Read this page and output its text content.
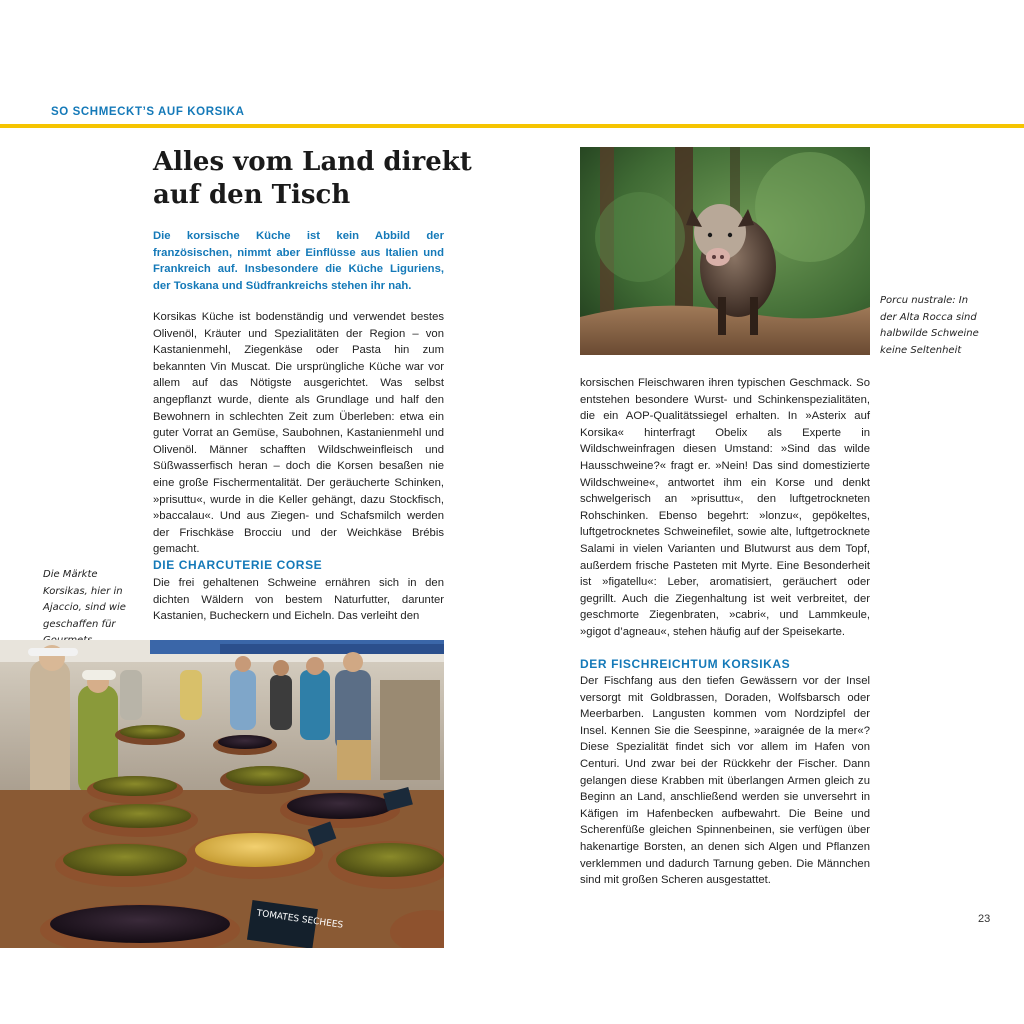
SO SCHMECKT’S AUF KORSIKA
Alles vom Land direkt auf den Tisch

Die korsische Küche ist kein Abbild der französischen, nimmt aber Einflüsse aus Italien und Frankreich auf. Insbesondere die Küche Liguriens, der Toskana und Südfrankreichs stehen ihr nah.

Korsikas Küche ist bodenständig und verwendet bestes Olivenöl, Kräuter und Spezialitäten der Region – von Kastanienmehl, Ziegenkäse oder Pasta hin zum bekannten Vin Muscat. Die ursprüngliche Küche war vor allem auf das Nötigste ausgerichtet. Was selbst angepflanzt wurde, diente als Grundlage und half den Bewohnern in schlechten Zeit zum Überleben: etwa ein guter Vorrat an Gemüse, Saubohnen, Kastanienmehl und Olivenöl. Männer schafften Wildschweinfleisch und Süßwasserfisch heran – doch die Korsen besaßen nie eine große Fischermentalität. Der geräucherte Schinken, »prisuttu«, wurde in die Keller gehängt, dazu Stockfisch, »baccalau«. Und aus Ziegen- und Schafsmilch werden der Frischkäse Brocciu und der Weichkäse Brébis gemacht.

DIE CHARCUTERIE CORSE

Die frei gehaltenen Schweine ernähren sich in den dichten Wäldern von bestem Naturfutter, darunter Kastanien, Bucheckern und Eicheln. Das verleiht den

Die Märkte Korsikas, hier in Ajaccio, sind wie geschaffen für

TOMATES SECHEES

Porcu nustrale: In der Alta Rocca sind halbwilde Schweine keine Seltenheit

korsischen Fleischwaren ihren typischen Geschmack. So entstehen besondere Wurst- und Schinkenspezialitäten, die ein AOP-Qualitätssiegel erhalten. In »Asterix auf Korsika« hinterfragt Obelix als Experte in Wildschweinfragen diesen Umstand: »Sind das wilde Hausschweine?« fragt er. »Nein! Das sind domestizierte Wildschweine«, antwortet ihm ein Korse und denkt schwelgerisch an »prisuttu«, den luftgetrockneten Rohschinken. Ebenso begehrt: »lonzu«, gepökeltes, luftgetrocknetes Schweinefilet, sowie alte, luftgetrocknete Salami in vielen Varianten und Blutwurst aus dem Topf, außerdem frische Pasteten mit Myrte. Eine Besonderheit ist »figatellu«: Leber, aromatisiert, geräuchert oder gegrillt. Auch die Ziegenhaltung ist weit verbreitet, der geschmorte Ziegenbraten, »cabri«, und Lammkeule, »gigot d’agneau«, stehen häufig auf der Speisekarte.

DER FISCHREICHTUM KORSIKAS

Der Fischfang aus den tiefen Gewässern vor der Insel versorgt mit Goldbrassen, Doraden, Wolfsbarsch oder Meerbarben. Langusten kommen vom Nordzipfel der Insel. Kennen Sie die Seespinne, »araignée de la mer«? Diese Spezialität findet sich vor allem im Hafen von Centuri. Und zwar bei der Rückkehr der Fischer. Dann gelangen diese Krabben mit überlangen Armen gleich zu Beginn an Land, anschließend werden sie unversehrt in Käfigen im Hafenbecken aufbewahrt. Die Beine und Scherenfüße gleichen Spinnenbeinen, sie verfügen über hakenartige Borsten, an denen sich Algen und Pflanzen verklemmen und dadurch Tarnung geben. Die Männchen sind mit großen Scheren ausgestattet.

23
